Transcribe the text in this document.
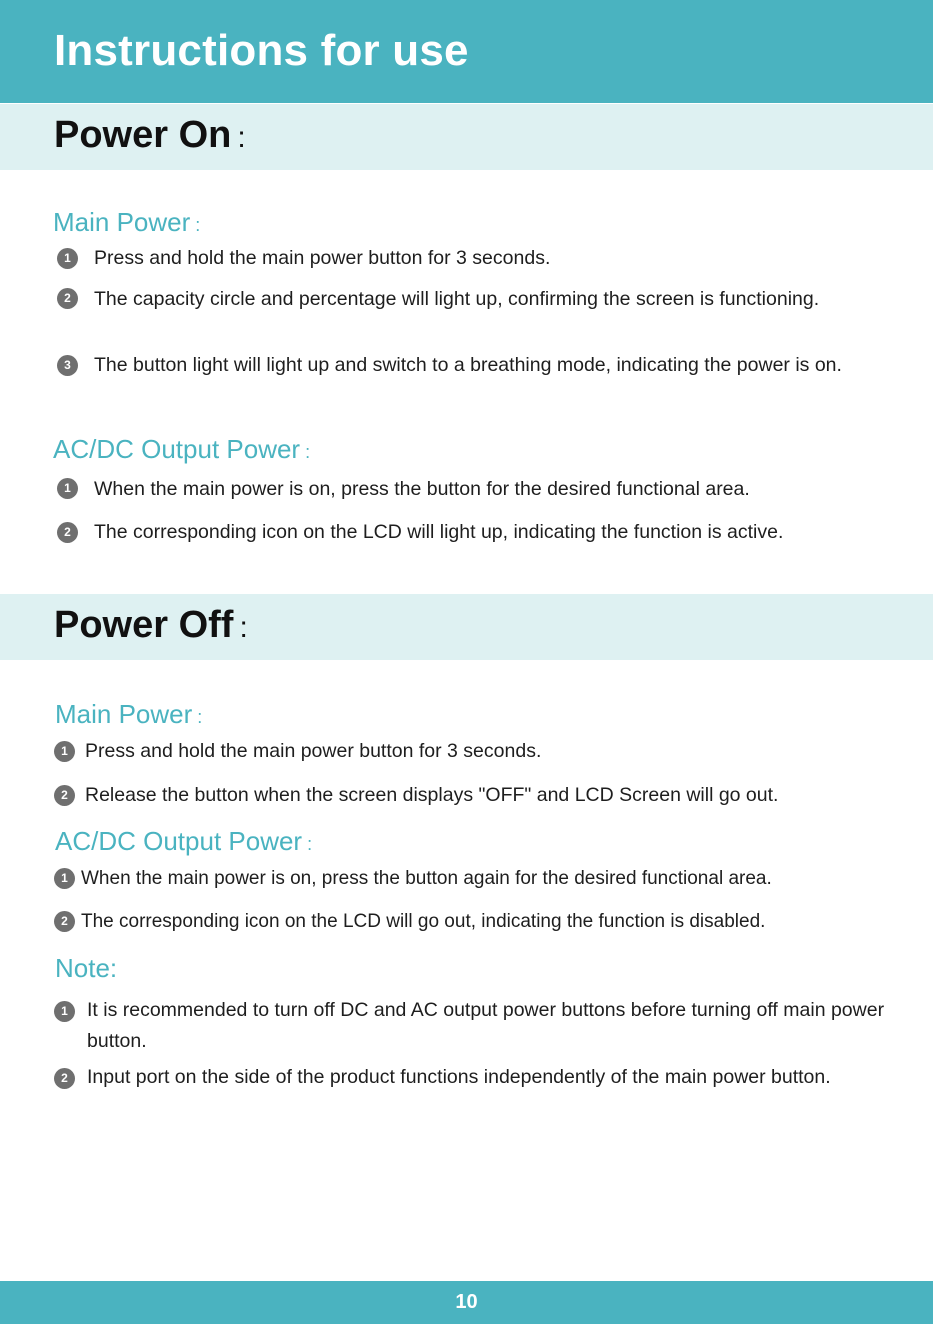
Instructions for use
Power On :
Main Power :
1	Press and hold the main power button for 3 seconds.
2	The capacity circle and percentage will light up, confirming the screen is functioning.
3	The button light will light up and switch to a breathing mode, indicating the power is on.
AC/DC Output Power :
1	When the main power is on, press the button for the desired functional area.
2	The corresponding icon on the LCD will light up, indicating the function is active.
Power Off :
Main Power :
1 Press and hold the main power button for 3 seconds.
2 Release the button when the screen displays "OFF" and LCD Screen will go out.
AC/DC Output Power :
1 When the main power is on, press the button again for the desired functional area.
2 The corresponding icon on the LCD will go out, indicating the function is disabled.
Note:
1 It is recommended to turn off DC and AC output power buttons before turning off main power button.
2 Input port on the side of the product functions independently of the main power button.
10
